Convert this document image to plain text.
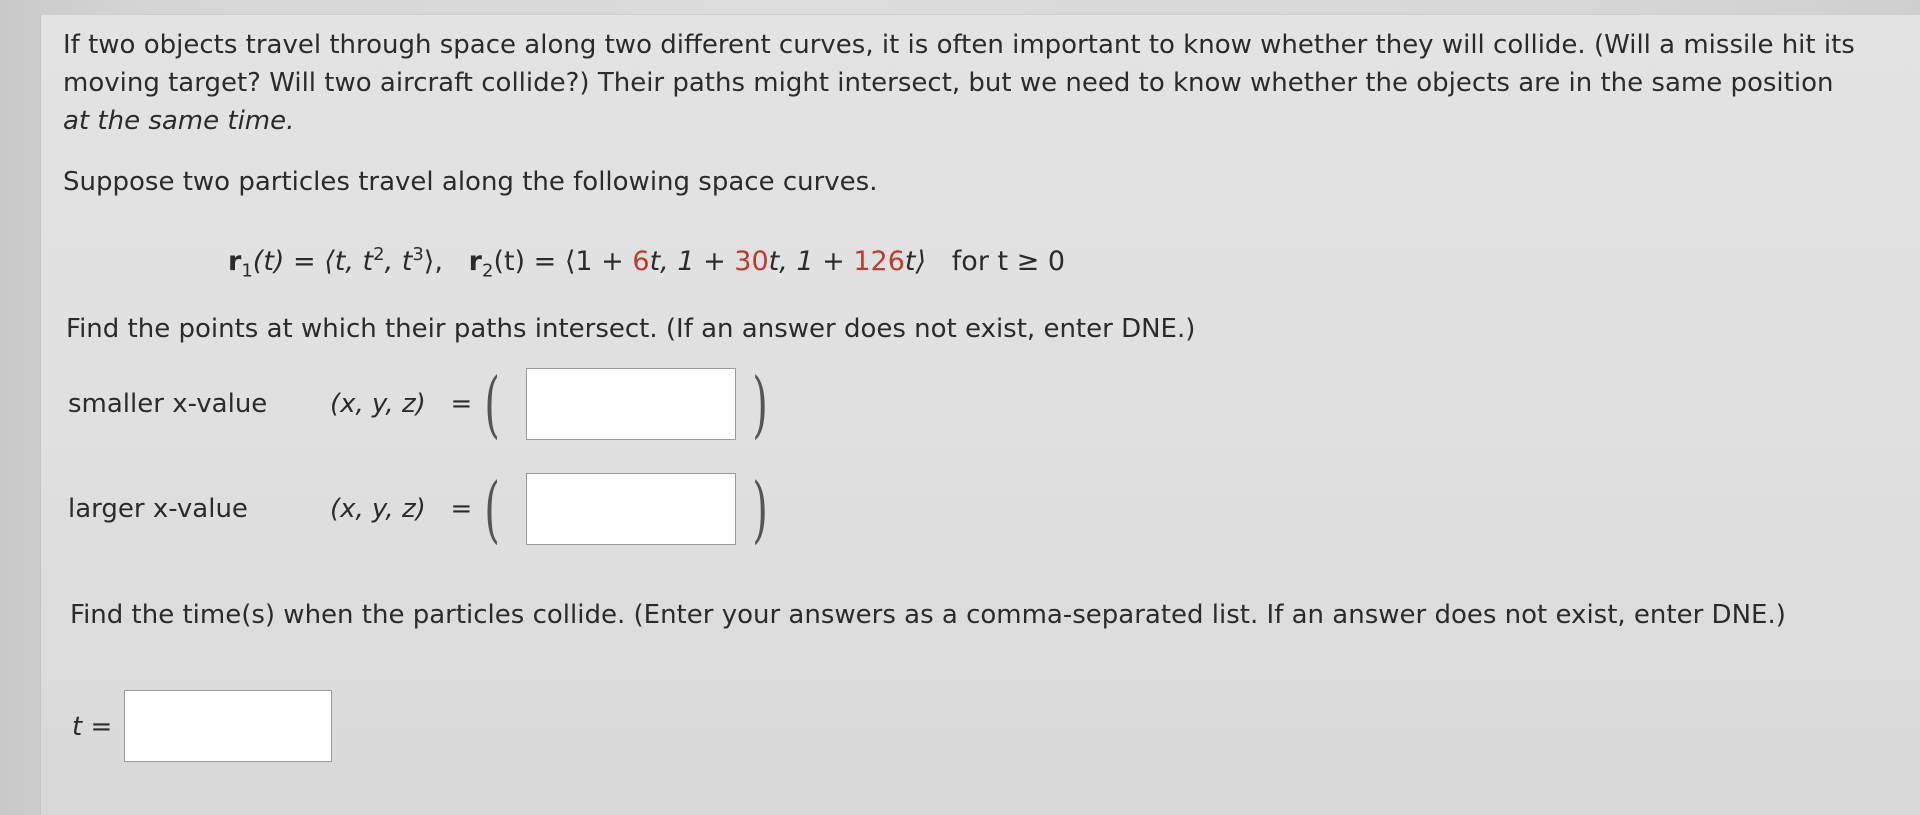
If two objects travel through space along two different curves, it is often important to know whether they will collide. (Will a missile hit its moving target? Will two aircraft collide?) Their paths might intersect, but we need to know whether the objects are in the same position at the same time.
Suppose two particles travel along the following space curves.
$r_1(t)$ = ⟨t, $t^2$, $t^3⟩$, $r_2(t)$ = ⟨1 + 6t, 1 + 30t, 1 + 126t⟩ for t ≥ 0
Find the points at which their paths intersect. (If an answer does not exist, enter DNE.)
smaller x-value (x, y, z) = (	)
larger x-value	(x, y, z) = (	)
Find the time(s) when the particles collide. (Enter your answers as a comma-separated list. If an answer does not exist, enter DNE.)
t =
